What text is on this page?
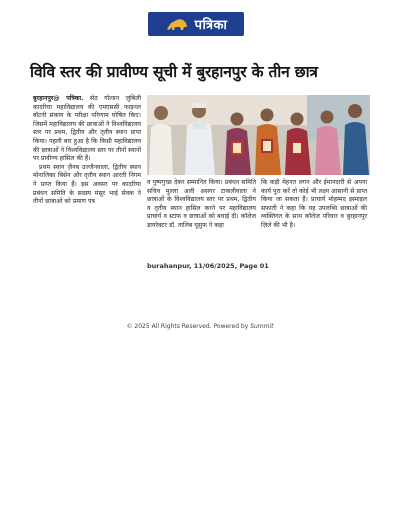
पत्रिका
विवि स्तर की प्रावीण्य सूची में बुरहानपुर के तीन छात्र

बुरहानपुर@ पत्रिका. सेठ गोल्डन जुबिली कादरिया महाविद्यालय की एमएससी फाइनल बॉटनी संकाय के परीक्षा परिणाम घोषित किए। जिसमें महाविद्यालय की छात्राओं ने विश्वविद्यालय स्तर पर प्रथम, द्वितीय और तृतीय स्थान प्राप्त किया। पहली बार हुआ है कि किसी महाविद्यालय की छात्राओं ने विश्वविद्यालय स्तर पर तीनों स्थानों पर प्रावीण्य हासिल की हैं।

प्रथम स्थान ज़ैनब उज्जैनवाला, द्वितीय स्थान मोनालिका बिसेन और तृतीय स्थान आरती निगम ने प्राप्त किया हैं। इस अवसर पर कादरिया प्रबंधन समिति के सदस्य मंसूर भाई सेवक ने तीनों छात्राओं को प्रमाण पत्र

व पुष्पगुच्छ देकर सम्मानित किया। प्रबंधन समिति सचिव मुल्ला अली असगर टाकलीवाला ने छात्राओं के विश्वविद्यालय स्तर पर प्रथम, द्वितीय व तृतीय स्थान हासिल करने पर महाविद्यालय प्राचार्य व स्टाफ व छात्राओं को बधाई दी। कॉलेज डायरेक्टर डॉ. तालिब यूसुफ ने कहा

कि कड़ी मेहनत लगन और ईमानदारी से अपना कार्य पूरा करें तो कोई भी लक्ष्य आसानी से प्राप्त किया जा सकता हैं। प्राचार्य मोहम्मद इस्माइल सफाती ने कहा कि यह उपलब्धि छात्राओं की व्यक्तिगत के साथ कॉलेज परिवार व बुरहानपुर ज़िले की भी है।

burahanpur, 11/06/2025, Page 01
© 2025 All Rights Reserved. Powered by Summit
